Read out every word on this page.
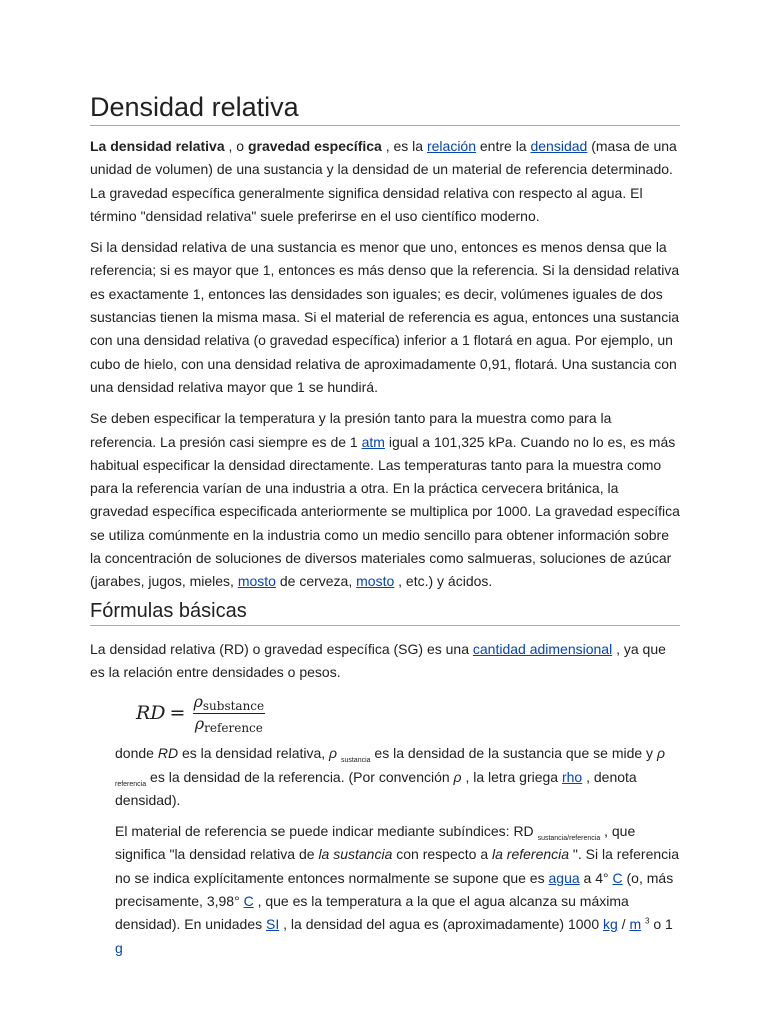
Densidad relativa

La densidad relativa , o gravedad específica , es la relación entre la densidad (masa de una unidad de volumen) de una sustancia y la densidad de un material de referencia determinado. La gravedad específica generalmente significa densidad relativa con respecto al agua. El término "densidad relativa" suele preferirse en el uso científico moderno.

Si la densidad relativa de una sustancia es menor que uno, entonces es menos densa que la referencia; si es mayor que 1, entonces es más denso que la referencia. Si la densidad relativa es exactamente 1, entonces las densidades son iguales; es decir, volúmenes iguales de dos sustancias tienen la misma masa. Si el material de referencia es agua, entonces una sustancia con una densidad relativa (o gravedad específica) inferior a 1 flotará en agua. Por ejemplo, un cubo de hielo, con una densidad relativa de aproximadamente 0,91, flotará. Una sustancia con una densidad relativa mayor que 1 se hundirá.

Se deben especificar la temperatura y la presión tanto para la muestra como para la referencia. La presión casi siempre es de 1 atm igual a 101,325 kPa. Cuando no lo es, es más habitual especificar la densidad directamente. Las temperaturas tanto para la muestra como para la referencia varían de una industria a otra. En la práctica cervecera británica, la gravedad específica especificada anteriormente se multiplica por 1000. La gravedad específica se utiliza comúnmente en la industria como un medio sencillo para obtener información sobre la concentración de soluciones de diversos materiales como salmueras, soluciones de azúcar (jarabes, jugos, mieles, mosto de cerveza, mosto , etc.) y ácidos.

Fórmulas básicas

La densidad relativa (RD) o gravedad específica (SG) es una cantidad adimensional , ya que es la relación entre densidades o pesos.

RD = $\frac{\text{ρsubstance}}{\text{ρreference}}$

donde RD es la densidad relativa, ρ $_{sustancia}$ es la densidad de la sustancia que se mide y ρ $_{referencia}$ es la densidad de la referencia. (Por convención ρ , la letra griega rho , denota densidad).

El material de referencia se puede indicar mediante subíndices: RD $_{sustancia/referencia}$ , que significa "la densidad relativa de la sustancia con respecto a la referencia ". Si la referencia no se indica explícitamente entonces normalmente se supone que es agua a 4° C (o, más precisamente, 3,98° C , que es la temperatura a la que el agua alcanza su máxima densidad). En unidades SI , la densidad del agua es (aproximadamente) 1000 kg / m $^3$ o 1 g
